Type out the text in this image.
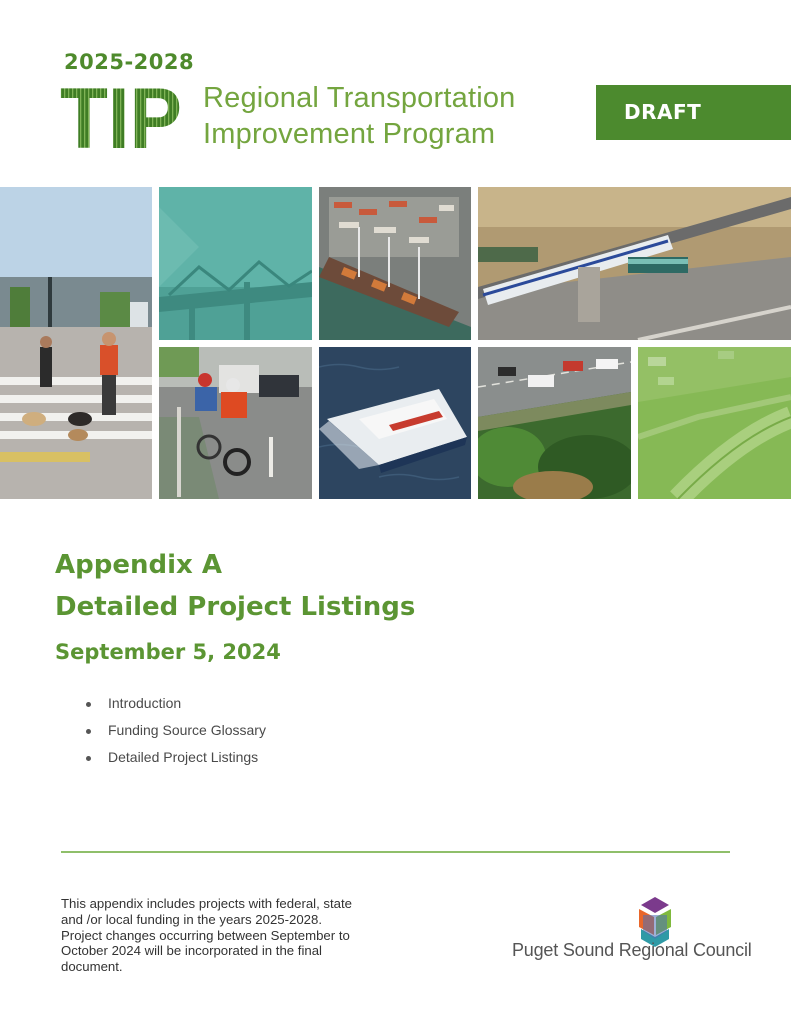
2025-2028
TIP Regional Transportation
Improvement Program
DRAFT
Appendix A
Detailed Project Listings
September 5, 2024
Introduction
Funding Source Glossary
Detailed Project Listings
This appendix includes projects with federal, state
and /or local funding in the years 2025-2028.
Project changes occurring between September to
October 2024 will be incorporated in the final
document.
Puget Sound Regional Council
